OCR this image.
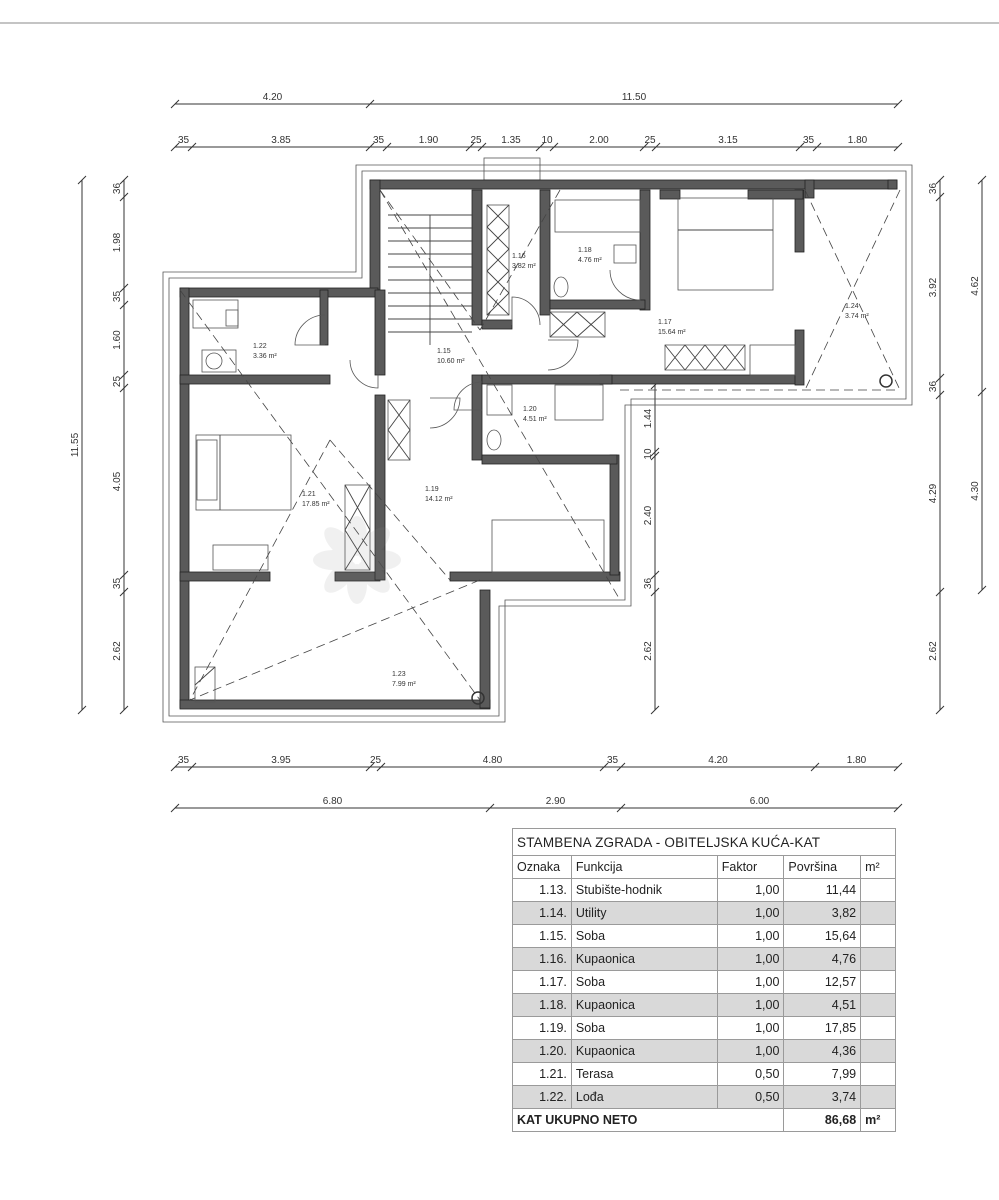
4.20	11.50
35	3.85	35	1.90	25 1.35 10	2.00	25	3.15	35	1.80
11.55
36
1.98
35
1.60
25
4.05
35
2.62
36
3.92
36
4.29
2.62
4.62
4.30
1.44
10
2.40
36
2.62
35	3.95	25	4.80	35	4.20	1.80
6.80	2.90	6.00
1.22
3.36 m²
1.15
10.60 m²
1.16
3.82 m²
1.18
4.76 m²
1.17
15.64 m²
1.24
3.74 m²
1.20
4.51 m²
1.21
17.85 m²
1.19
14.12 m²
1.23
7.99 m²
STAMBENA ZGRADA - OBITELJSKA KUĆA-KAT				
Oznaka	Funkcija	Faktor	Površina	m²
1.13.	Stubište-hodnik	1,00	11,44	
1.14.	Utility	1,00	3,82	
1.15.	Soba	1,00	15,64	
1.16.	Kupaonica	1,00	4,76	
1.17.	Soba	1,00	12,57	
1.18.	Kupaonica	1,00	4,51	
1.19.	Soba	1,00	17,85	
1.20.	Kupaonica	1,00	4,36	
1.21.	Terasa	0,50	7,99	
1.22.	Lođa	0,50	3,74	
KAT UKUPNO NETO			86,68	m²
